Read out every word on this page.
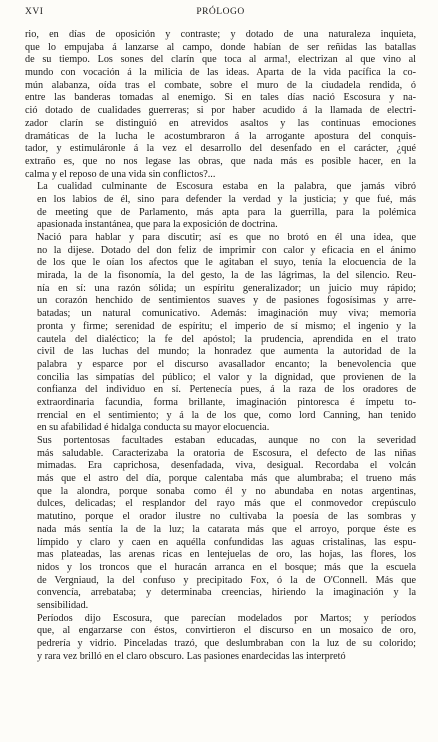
XVI	PRÓLOGO

rio, en días de oposición y contraste; y dotado de una naturaleza inquieta,
que lo empujaba á lanzarse al campo, donde habían de ser reñidas las batallas
de su tiempo. Los sones del clarín que toca al arma!, electrizan al que vino al
mundo con vocación á la milicia de las ideas. Aparta de la vida pacífica la co-
mún alabanza, oída tras el combate, sobre el muro de la ciudadela rendida, ó
entre las banderas tomadas al enemigo. Si en tales días nació Escosura y na-
ció dotado de cualidades guerreras; si por haber acudido á la llamada de electri-
zador clarín se distinguió en atrevidos asaltos y las continuas emociones
dramáticas de la lucha le acostumbraron á la arrogante apostura del conquis-
tador, y estimuláronle á la vez el desarrollo del desenfado en el carácter, ¿qué
extraño es, que no nos legase las obras, que nada más es posible hacer, en la
calma y el reposo de una vida sin conflictos?...

La cualidad culminante de Escosura estaba en la palabra, que jamás vibró
en los labios de él, sino para defender la verdad y la justicia; y que fué, más
de meeting que de Parlamento, más apta para la guerrilla, para la polémica
apasionada instantánea, que para la exposición de doctrina.

Nació para hablar y para discutir; así es que no brotó en él una idea, que
no la dijese. Dotado del don feliz de imprimir con calor y eficacia en el ánimo
de los que le oían los afectos que le agitaban el suyo, tenía la elocuencia de la
mirada, la de la fisonomía, la del gesto, la de las lágrimas, la del silencio. Reu-
nía en sí: una razón sólida; un espíritu generalizador; un juicio muy rápido;
un corazón henchido de sentimientos suaves y de pasiones fogosísimas y arre-
batadas; un natural comunicativo. Además: imaginación muy viva; memoria
pronta y firme; serenidad de espíritu; el imperio de sí mismo; el ingenio y la
cautela del dialéctico; la fe del apóstol; la prudencia, aprendida en el trato
civil de las luchas del mundo; la honradez que aumenta la autoridad de la
palabra y esparce por el discurso avasallador encanto; la benevolencia que
concilia las simpatías del público; el valor y la dignidad, que provienen de la
confianza del individuo en sí. Pertenecía pues, á la raza de los oradores de
extraordinaria facundia, forma brillante, imaginación pintoresca é ímpetu to-
rrencial en el sentimiento; y á la de los que, como lord Canning, han tenido
en su afabilidad é hidalga conducta su mayor elocuencia.

Sus portentosas facultades estaban educadas, aunque no con la severidad
más saludable. Caracterizaba la oratoria de Escosura, el defecto de las niñas
mimadas. Era caprichosa, desenfadada, viva, desigual. Recordaba el volcán
más que el astro del día, porque calentaba más que alumbraba; el trueno más
que la alondra, porque sonaba como él y no abundaba en notas argentinas,
dulces, delicadas; el resplandor del rayo más que el conmovedor crepúsculo
matutino, porque el orador ilustre no cultivaba la poesía de las sombras y
nada más sentía la de la luz; la catarata más que el arroyo, porque éste es
límpido y claro y caen en aquélla confundidas las aguas cristalinas, las espu-
mas plateadas, las arenas ricas en lentejuelas de oro, las hojas, las flores, los
nidos y los troncos que el huracán arranca en el bosque; más que la escuela
de Vergniaud, la del confuso y precipitado Fox, ó la de O'Connell. Más que
convencía, arrebataba; y determinaba creencias, hiriendo la imaginación y la
sensibilidad.

Períodos dijo Escosura, que parecían modelados por Martos; y períodos
que, al engarzarse con éstos, convirtieron el discurso en un mosaico de oro,
pedrería y vidrio. Pinceladas trazó, que deslumbraban con la luz de su colorido;
y rara vez brilló en el claro obscuro. Las pasiones enardecidas las interpretó
